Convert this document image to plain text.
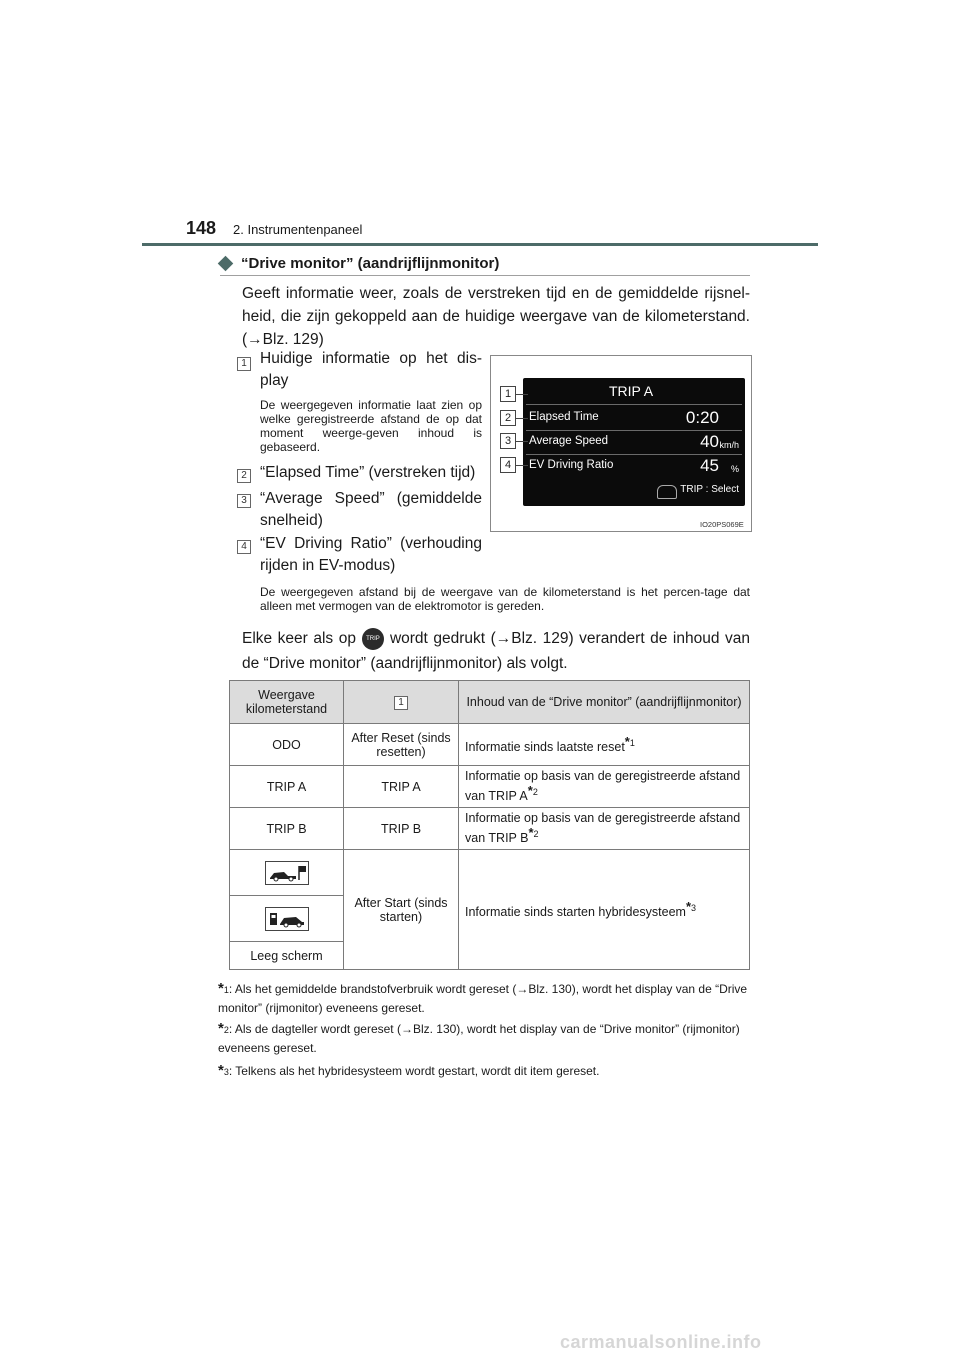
148 2. Instrumentenpaneel
“Drive monitor” (aandrijflijnmonitor)
Geeft informatie weer, zoals de verstreken tijd en de gemiddelde rijsnel-heid, die zijn gekoppeld aan de huidige weergave van de kilometerstand. (→Blz. 129)
1 Huidige informatie op het dis-play
De weergegeven informatie laat zien op welke geregistreerde afstand de op dat moment weerge-geven inhoud is gebaseerd.
2 “Elapsed Time” (verstreken tijd)
3 “Average Speed” (gemiddelde snelheid)
4 “EV Driving Ratio” (verhouding rijden in EV-modus)
De weergegeven afstand bij de weergave van de kilometerstand is het percen-tage dat alleen met vermogen van de elektromotor is gereden.
TRIP A
Elapsed Time	0:20
Average Speed	40 km/h
EV Driving Ratio	45 %
TRIP : Select
1
2
3
4
IO20PS069E
Elke keer als op TRIP wordt gedrukt (→Blz. 129) verandert de inhoud van de “Drive monitor” (aandrijflijnmonitor) als volgt.
Weergave kilometerstand	1	Inhoud van de “Drive monitor” (aandrijflijnmonitor)
ODO	After Reset (sinds resetten)	Informatie sinds laatste reset$^{*1}$
TRIP A	TRIP A	Informatie op basis van de geregistreerde afstand van TRIP $A^{*2}$
TRIP B	TRIP B	Informatie op basis van de geregistreerde afstand van TRIP $B^{*2}$
	After Start (sinds starten)	Informatie sinds starten hybridesysteem$^{*3}$

Leeg scherm		
*1: Als het gemiddelde brandstofverbruik wordt gereset (→Blz. 130), wordt het display van de “Drive monitor” (rijmonitor) eveneens gereset.
*2: Als de dagteller wordt gereset (→Blz. 130), wordt het display van de “Drive monitor” (rijmonitor) eveneens gereset.
*3: Telkens als het hybridesysteem wordt gestart, wordt dit item gereset.
carmanualsonline.info
